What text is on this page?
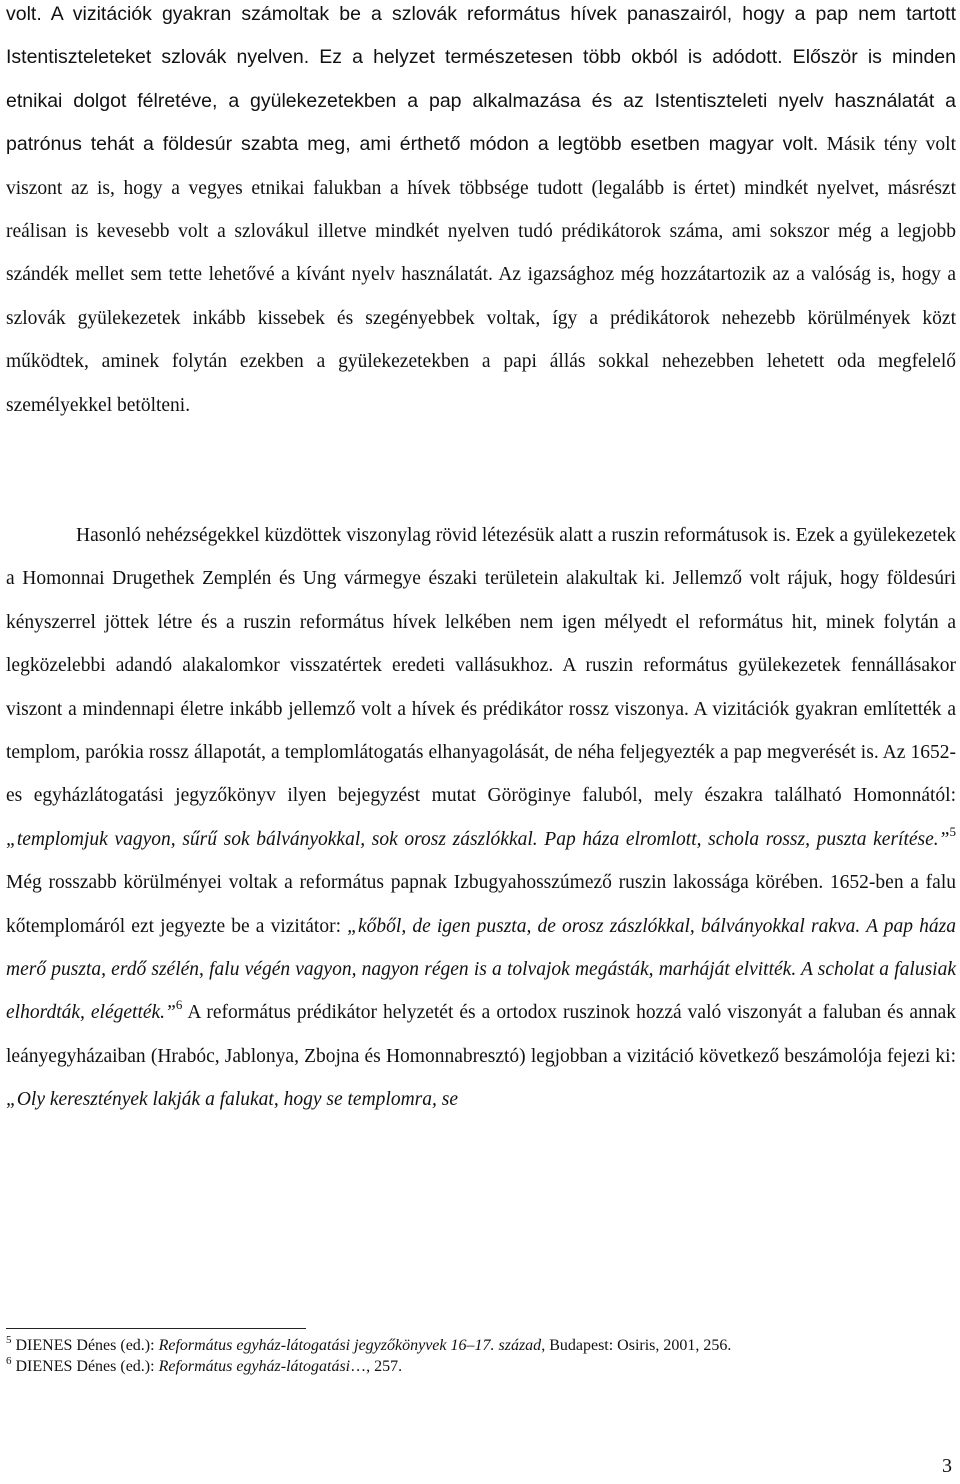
volt. A vizitációk gyakran számoltak be a szlovák református hívek panaszairól, hogy a pap nem tartott Istentiszteleteket szlovák nyelven. Ez a helyzet természetesen több okból is adódott. Először is minden etnikai dolgot félretéve, a gyülekezetekben a pap alkalmazása és az Istentiszteleti nyelv használatát a patrónus tehát a földesúr szabta meg, ami érthető módon a legtöbb esetben magyar volt. Másik tény volt viszont az is, hogy a vegyes etnikai falukban a hívek többsége tudott (legalább is értet) mindkét nyelvet, másrészt reálisan is kevesebb volt a szlovákul illetve mindkét nyelven tudó prédikátorok száma, ami sokszor még a legjobb szándék mellet sem tette lehetővé a kívánt nyelv használatát. Az igazsághoz még hozzátartozik az a valóság is, hogy a szlovák gyülekezetek inkább kissebek és szegényebbek voltak, így a prédikátorok nehezebb körülmények közt működtek, aminek folytán ezekben a gyülekezetekben a papi állás sokkal nehezebben lehetett oda megfelelő személyekkel betölteni.

Hasonló nehézségekkel küzdöttek viszonylag rövid létezésük alatt a ruszin reformátusok is. Ezek a gyülekezetek a Homonnai Drugethek Zemplén és Ung vármegye északi területein alakultak ki. Jellemző volt rájuk, hogy földesúri kényszerrel jöttek létre és a ruszin református hívek lelkében nem igen mélyedt el református hit, minek folytán a legközelebbi adandó alakalomkor visszatértek eredeti vallásukhoz. A ruszin református gyülekezetek fennállásakor viszont a mindennapi életre inkább jellemző volt a hívek és prédikátor rossz viszonya. A vizitációk gyakran említették a templom, parókia rossz állapotát, a templomlátogatás elhanyagolását, de néha feljegyezték a pap megverését is. Az 1652-es egyházlátogatási jegyzőkönyv ilyen bejegyzést mutat Göröginye faluból, mely északra található Homonnától: „templomjuk vagyon, sűrű sok bálványokkal, sok orosz zászlókkal. Pap háza elromlott, schola rossz, puszta kerítése.”$^5$ Még rosszabb körülményei voltak a református papnak Izbugyahosszúmező ruszin lakossága körében. 1652-ben a falu kőtemplomáról ezt jegyezte be a vizitátor: „kőből, de igen puszta, de orosz zászlókkal, bálványokkal rakva. A pap háza merő puszta, erdő szélén, falu végén vagyon, nagyon régen is a tolvajok megásták, marháját elvitték. A scholat a falusiak elhordták, elégették.”$^6$ A református prédikátor helyzetét és a ortodox ruszinok hozzá való viszonyát a faluban és annak leányegyházaiban (Hrabóc, Jablonya, Zbojna és Homonnabresztó) legjobban a vizitáció következő beszámolója fejezi ki: „Oly keresztények lakják a falukat, hogy se templomra, se

$^5$ DIENES Dénes (ed.): Református egyház-látogatási jegyzőkönyvek 16–17. század, Budapest: Osiris, 2001, 256.

$^6$ DIENES Dénes (ed.): Református egyház-látogatási…, 257.

3
